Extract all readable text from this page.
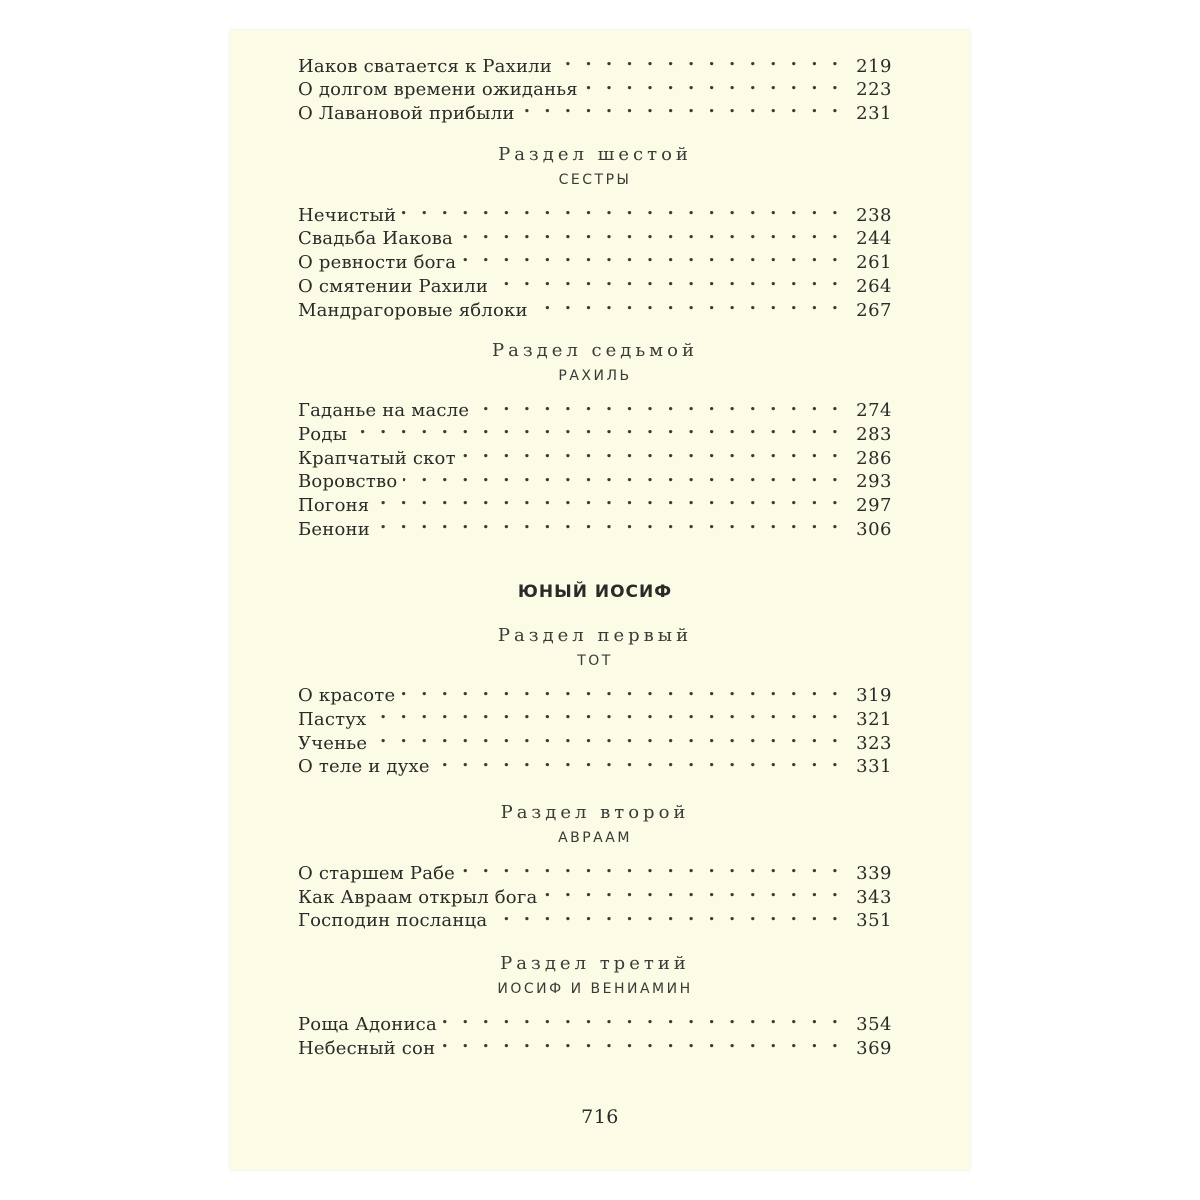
Иаков сватается к Рахили . . .	219
О долгом времени ожиданья . . .	223
О Лавановой прибыли . . .	231
Раздел шестой
СЕСТРЫ
Нечистый . . .	238
Свадьба Иакова . . .	244
О ревности бога . . .	261
О смятении Рахили . . .	264
Мандрагоровые яблоки . . .	267
Раздел седьмой
РАХИЛЬ
Гаданье на масле . . .	274
Роды . . .	283
Крапчатый скот . . .	286
Воровство . . .	293
Погоня . . .	297
Бенони . . .	306
ЮНЫЙ ИОСИФ
Раздел первый
ТОТ
О красоте . . .	319
Пастух . . .	321
Ученье . . .	323
О теле и духе . . .	331
Раздел второй
АВРААМ
О старшем Рабе . . .	339
Как Авраам открыл бога . . .	343
Господин посланца . . .	351
Раздел третий
ИОСИФ И ВЕНИАМИН
Роща Адониса . . .	354
Небесный сон . . .	369
716
